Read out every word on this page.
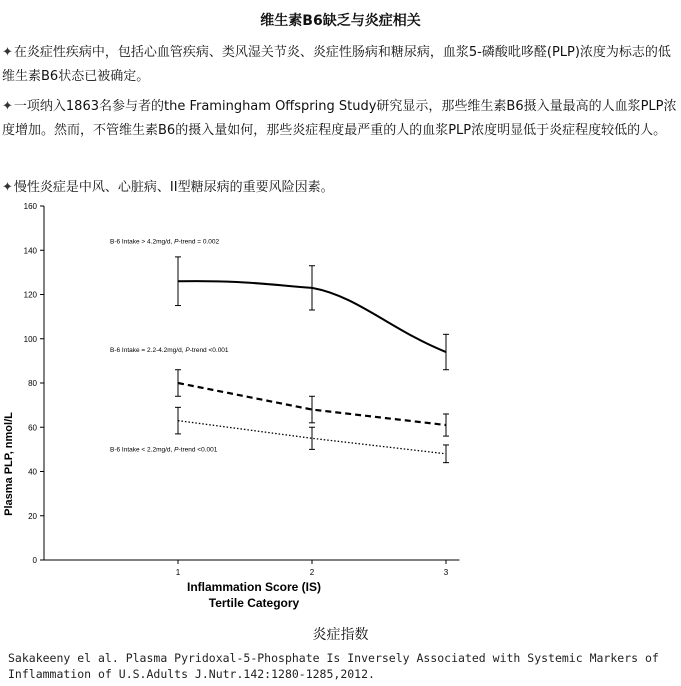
维生素B6缺乏与炎症相关

✦在炎症性疾病中，包括心血管疾病、类风湿关节炎、炎症性肠病和糖尿病，血浆5-磷酸吡哆醛(PLP)浓度为标志的低维生素B6状态已被确定。

✦一项纳入1863名参与者的the Framingham Offspring Study研究显示，那些维生素B6摄入量最高的人血浆PLP浓度增加。然而，不管维生素B6的摄入量如何，那些炎症程度最严重的人的血浆PLP浓度明显低于炎症程度较低的人。

✦慢性炎症是中风、心脏病、II型糖尿病的重要风险因素。

0
20
40
60
80
100
120
140
160
1	2	3
B-6 Intake > 4.2mg/d, P-trend = 0.002
B-6 Intake = 2.2-4.2mg/d, P-trend <0.001
B-6 Intake < 2.2mg/d, P-trend <0.001
Plasma PLP, nmol/L
Inflammation Score (IS)
Tertile Category

炎症指数

Sakakeeny el al. Plasma Pyridoxal-5-Phosphate Is Inversely Associated with Systemic Markers of Inflammation of U.S.Adults J.Nutr.142:1280-1285,2012.
